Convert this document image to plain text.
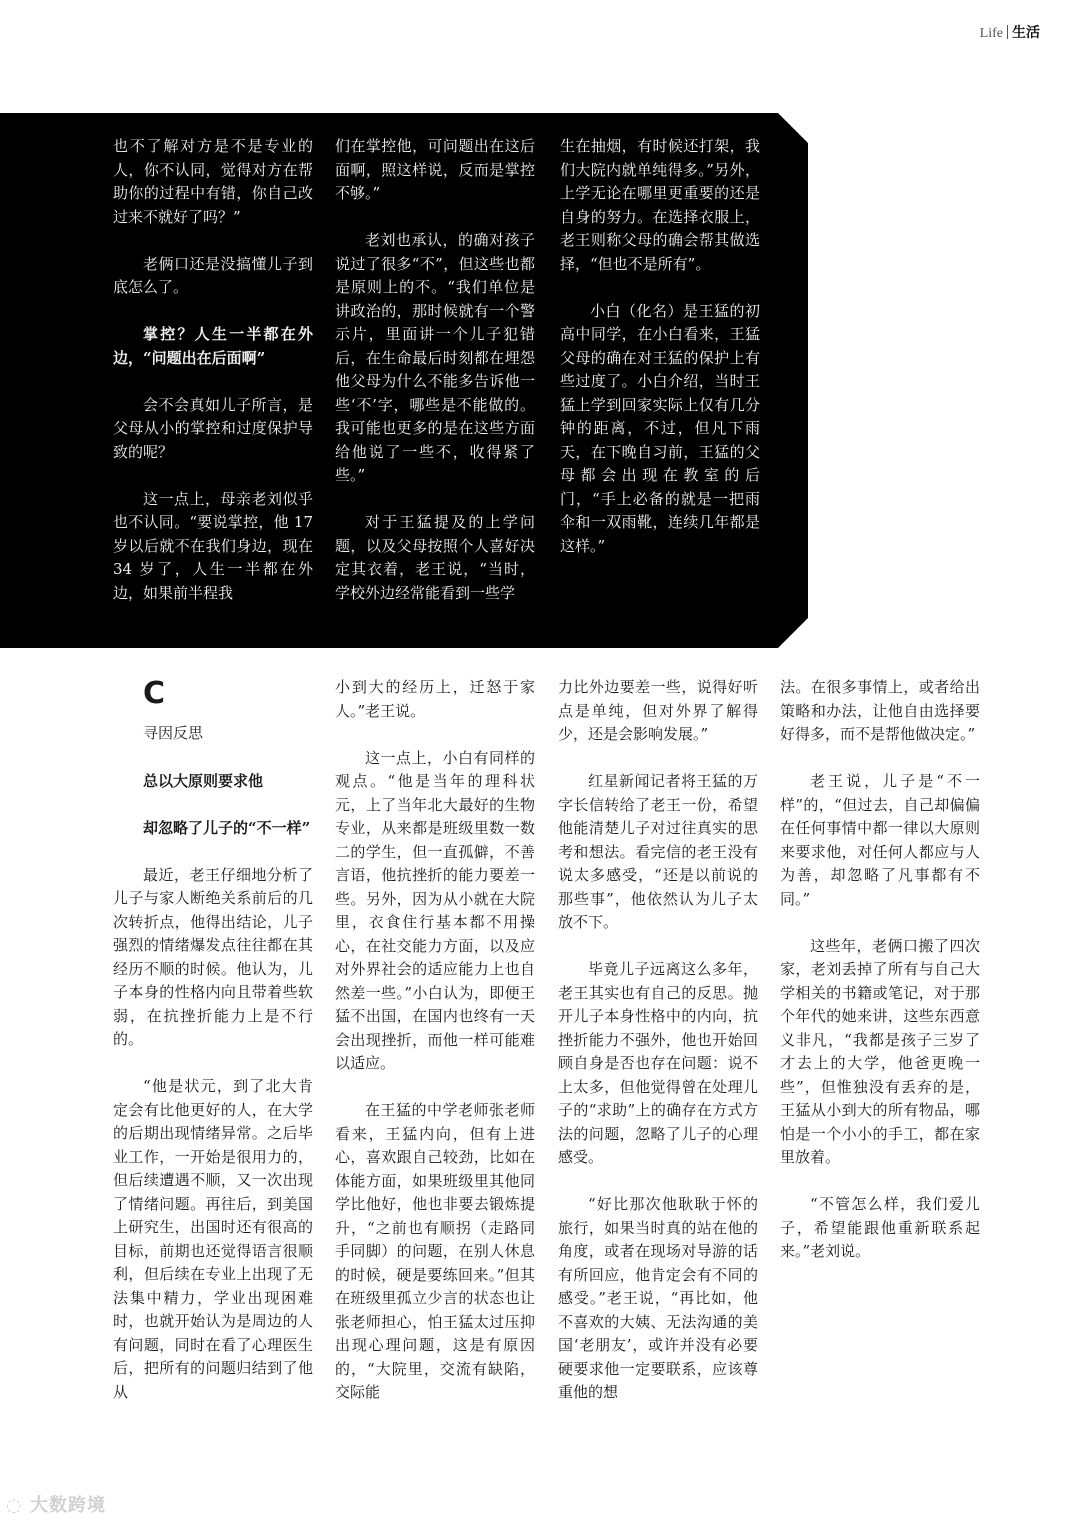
Life 生活

也不了解对方是不是专业的人，你不认同，觉得对方在帮助你的过程中有错，你自己改过来不就好了吗？”

老俩口还是没搞懂儿子到底怎么了。

掌控？人生一半都在外边，“问题出在后面啊”

会不会真如儿子所言，是父母从小的掌控和过度保护导致的呢？

这一点上，母亲老刘似乎也不认同。“要说掌控，他 17 岁以后就不在我们身边，现在 34 岁了，人生一半都在外边，如果前半程我

们在掌控他，可问题出在这后面啊，照这样说，反而是掌控不够。”

老刘也承认，的确对孩子说过了很多“不”，但这些也都是原则上的不。“我们单位是讲政治的，那时候就有一个警示片，里面讲一个儿子犯错后，在生命最后时刻都在埋怨他父母为什么不能多告诉他一些‘不’字，哪些是不能做的。我可能也更多的是在这些方面给他说了一些不，收得紧了些。”

对于王猛提及的上学问题，以及父母按照个人喜好决定其衣着，老王说，“当时，学校外边经常能看到一些学

生在抽烟，有时候还打架，我们大院内就单纯得多。”另外，上学无论在哪里更重要的还是自身的努力。在选择衣服上，老王则称父母的确会帮其做选择，“但也不是所有”。

小白（化名）是王猛的初高中同学，在小白看来，王猛父母的确在对王猛的保护上有些过度了。小白介绍，当时王猛上学到回家实际上仅有几分钟的距离，不过，但凡下雨天，在下晚自习前，王猛的父母都会出现在教室的后门，“手上必备的就是一把雨伞和一双雨靴，连续几年都是这样。”

C
寻因反思

总以大原则要求他

却忽略了儿子的“不一样”

最近，老王仔细地分析了儿子与家人断绝关系前后的几次转折点，他得出结论，儿子强烈的情绪爆发点往往都在其经历不顺的时候。他认为，儿子本身的性格内向且带着些软弱，在抗挫折能力上是不行的。

“他是状元，到了北大肯定会有比他更好的人，在大学的后期出现情绪异常。之后毕业工作，一开始是很用力的，但后续遭遇不顺，又一次出现了情绪问题。再往后，到美国上研究生，出国时还有很高的目标，前期也还觉得语言很顺利，但后续在专业上出现了无法集中精力，学业出现困难时，也就开始认为是周边的人有问题，同时在看了心理医生后，把所有的问题归结到了他从

小到大的经历上，迁怒于家人。”老王说。

这一点上，小白有同样的观点。“他是当年的理科状元，上了当年北大最好的生物专业，从来都是班级里数一数二的学生，但一直孤僻，不善言语，他抗挫折的能力要差一些。另外，因为从小就在大院里，衣食住行基本都不用操心，在社交能力方面，以及应对外界社会的适应能力上也自然差一些。”小白认为，即便王猛不出国，在国内也终有一天会出现挫折，而他一样可能难以适应。

在王猛的中学老师张老师看来，王猛内向，但有上进心，喜欢跟自己较劲，比如在体能方面，如果班级里其他同学比他好，他也非要去锻炼提升，“之前也有顺拐（走路同手同脚）的问题，在别人休息的时候，硬是要练回来。”但其在班级里孤立少言的状态也让张老师担心，怕王猛太过压抑出现心理问题，这是有原因的，“大院里，交流有缺陷，交际能

力比外边要差一些，说得好听点是单纯，但对外界了解得少，还是会影响发展。”

红星新闻记者将王猛的万字长信转给了老王一份，希望他能清楚儿子对过往真实的思考和想法。看完信的老王没有说太多感受，“还是以前说的那些事”，他依然认为儿子太放不下。

毕竟儿子远离这么多年，老王其实也有自己的反思。抛开儿子本身性格中的内向，抗挫折能力不强外，他也开始回顾自身是否也存在问题：说不上太多，但他觉得曾在处理儿子的“求助”上的确存在方式方法的问题，忽略了儿子的心理感受。

“好比那次他耿耿于怀的旅行，如果当时真的站在他的角度，或者在现场对导游的话有所回应，他肯定会有不同的感受。”老王说，“再比如，他不喜欢的大姨、无法沟通的美国‘老朋友’，或许并没有必要硬要求他一定要联系，应该尊重他的想

法。在很多事情上，或者给出策略和办法，让他自由选择要好得多，而不是帮他做决定。”

老王说，儿子是“不一样”的，“但过去，自己却偏偏在任何事情中都一律以大原则来要求他，对任何人都应与人为善，却忽略了凡事都有不同。”

这些年，老俩口搬了四次家，老刘丢掉了所有与自己大学相关的书籍或笔记，对于那个年代的她来讲，这些东西意义非凡，“我都是孩子三岁了才去上的大学，他爸更晚一些”，但惟独没有丢弃的是，王猛从小到大的所有物品，哪怕是一个小小的手工，都在家里放着。

“不管怎么样，我们爱儿子，希望能跟他重新联系起来。”老刘说。

◌ 大数跨境
